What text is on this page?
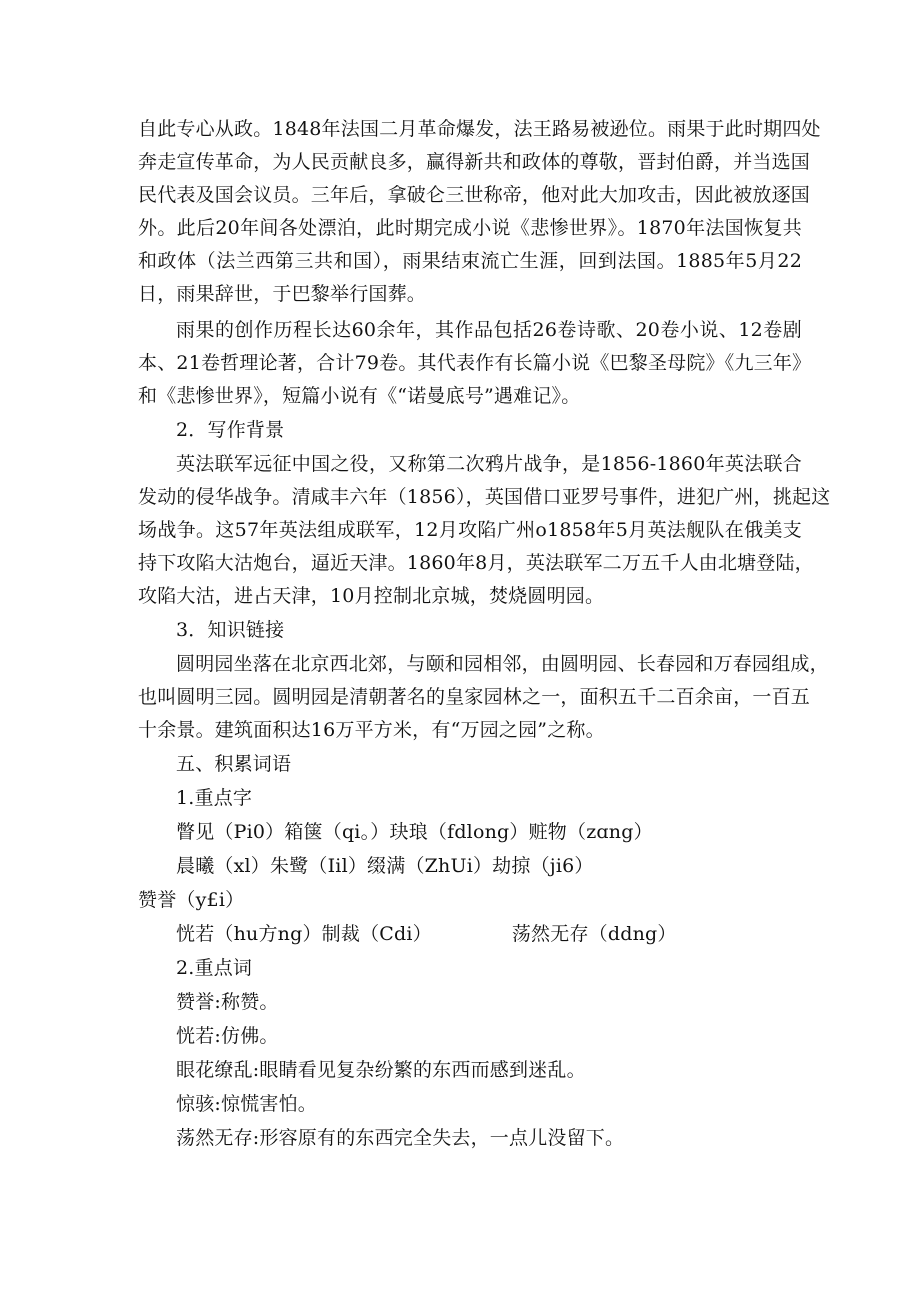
自此专心从政。1848年法国二月革命爆发，法王路易被逊位。雨果于此时期四处
奔走宣传革命，为人民贡献良多，赢得新共和政体的尊敬，晋封伯爵，并当选国
民代表及国会议员。三年后，拿破仑三世称帝，他对此大加攻击，因此被放逐国
外。此后20年间各处漂泊，此时期完成小说《悲惨世界》。1870年法国恢复共
和政体（法兰西第三共和国），雨果结束流亡生涯，回到法国。1885年5月22
日，雨果辞世，于巴黎举行国葬。
雨果的创作历程长达60余年，其作品包括26卷诗歌、20卷小说、12卷剧
本、21卷哲理论著，合计79卷。其代表作有长篇小说《巴黎圣母院》《九三年》
和《悲惨世界》，短篇小说有《“诺曼底号”遇难记》。
2．写作背景
英法联军远征中国之役，又称第二次鸦片战争，是1856-1860年英法联合
发动的侵华战争。清咸丰六年（1856），英国借口亚罗号事件，进犯广州，挑起这
场战争。这57年英法组成联军，12月攻陷广州o1858年5月英法舰队在俄美支
持下攻陷大沽炮台，逼近天津。1860年8月，英法联军二万五千人由北塘登陆，
攻陷大沽，进占天津，10月控制北京城，焚烧圆明园。
3．知识链接
圆明园坐落在北京西北郊，与颐和园相邻，由圆明园、长春园和万春园组成，
也叫圆明三园。圆明园是清朝著名的皇家园林之一，面积五千二百余亩，一百五
十余景。建筑面积达16万平方米，有“万园之园”之称。
五、积累词语
1.重点字
瞥见（Pi0）箱箧（qi。）玦琅（fdlong）赃物（zɑng）
晨曦（xl）朱鹭（Iil）缀满（ZhUi）劫掠（ji6）
赞誉（y£i）
恍若（hu方ng）制裁（Cdi）	荡然无存（ddng）
2.重点词
赞誉:称赞。
恍若:仿佛。
眼花缭乱:眼睛看见复杂纷繁的东西而感到迷乱。
惊骇:惊慌害怕。
荡然无存:形容原有的东西完全失去，一点儿没留下。
